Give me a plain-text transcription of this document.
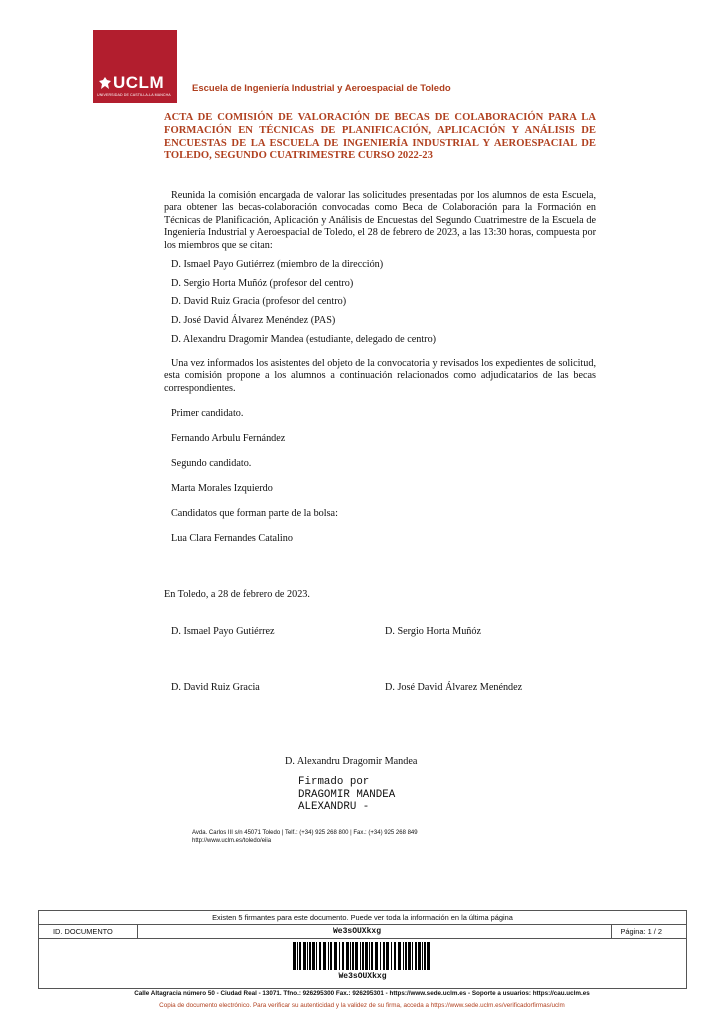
UCLM
UNIVERSIDAD DE CASTILLA-LA MANCHA
Escuela de Ingeniería Industrial y Aeroespacial de Toledo
ACTA DE COMISIÓN DE VALORACIÓN DE BECAS DE COLABORACIÓN PARA LA FORMACIÓN EN TÉCNICAS DE PLANIFICACIÓN, APLICACIÓN Y ANÁLISIS DE ENCUESTAS DE LA ESCUELA DE INGENIERÍA INDUSTRIAL Y AEROESPACIAL DE TOLEDO, SEGUNDO CUATRIMESTRE CURSO 2022-23
Reunida la comisión encargada de valorar las solicitudes presentadas por los alumnos de esta Escuela, para obtener las becas-colaboración convocadas como Beca de Colaboración para la Formación en Técnicas de Planificación, Aplicación y Análisis de Encuestas del Segundo Cuatrimestre de la Escuela de Ingeniería Industrial y Aeroespacial de Toledo, el 28 de febrero de 2023, a las 13:30 horas, compuesta por los miembros que se citan:
D. Ismael Payo Gutiérrez (miembro de la dirección)
D. Sergio Horta Muñóz (profesor del centro)
D. David Ruiz Gracia (profesor del centro)
D. José David Álvarez Menéndez (PAS)
D. Alexandru Dragomir Mandea (estudiante, delegado de centro)
Una vez informados los asistentes del objeto de la convocatoria y revisados los expedientes de solicitud, esta comisión propone a los alumnos a continuación relacionados como adjudicatarios de las becas correspondientes.
Primer candidato.
Fernando Arbulu Fernández
Segundo candidato.
Marta Morales Izquierdo
Candidatos que forman parte de la bolsa:
Lua Clara Fernandes Catalino
En Toledo, a 28 de febrero de 2023.
D. Ismael Payo Gutiérrez	D. Sergio Horta Muñóz
D. David Ruiz Gracia	D. José David Álvarez Menéndez
D. Alexandru Dragomir Mandea
Firmado por
DRAGOMIR MANDEA
ALEXANDRU -
Avda. Carlos III s/n 45071 Toledo | Telf.: (+34) 925 268 800 | Fax.: (+34) 925 268 849
http://www.uclm.es/toledo/eiia
Existen 5 firmantes para este documento. Puede ver toda la información en la última página
ID. DOCUMENTO	We3sOUXkxg	Página: 1 / 2
We3sOUXkxg
Calle Altagracia número 50 - Ciudad Real - 13071. Tfno.: 926295300 Fax.: 926295301 - https://www.sede.uclm.es - Soporte a usuarios: https://cau.uclm.es
Copia de documento electrónico. Para verificar su autenticidad y la validez de su firma, acceda a https://www.sede.uclm.es/verificadorfirmas/uclm
